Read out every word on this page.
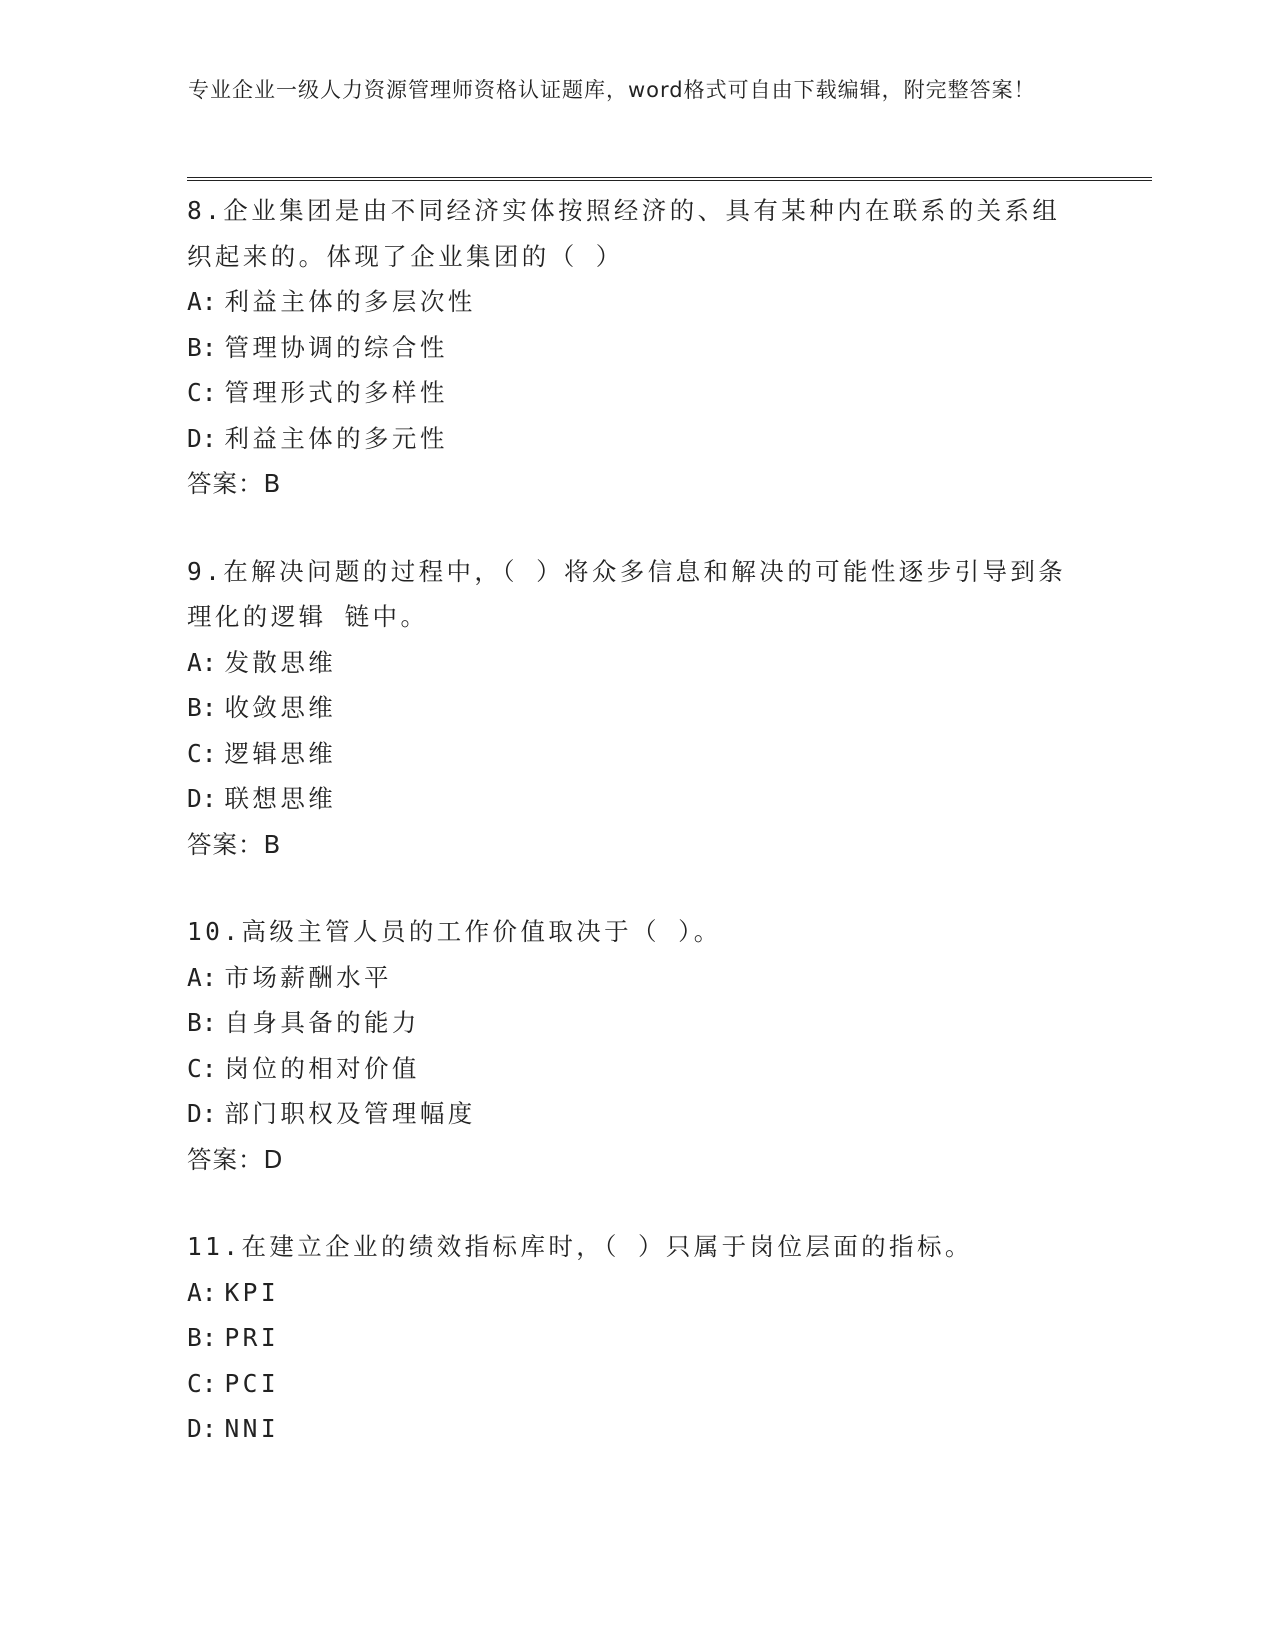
专业企业一级人力资源管理师资格认证题库，word格式可自由下载编辑，附完整答案！
8.企业集团是由不同经济实体按照经济的、具有某种内在联系的关系组织起来的。体现了企业集团的（ ）
A: 利益主体的多层次性
B: 管理协调的综合性
C: 管理形式的多样性
D: 利益主体的多元性
答案：B
9.在解决问题的过程中，（ ）将众多信息和解决的可能性逐步引导到条理化的逻辑 链中。
A: 发散思维
B: 收敛思维
C: 逻辑思维
D: 联想思维
答案：B
10.高级主管人员的工作价值取决于（ ）。
A: 市场薪酬水平
B: 自身具备的能力
C: 岗位的相对价值
D: 部门职权及管理幅度
答案：D
11.在建立企业的绩效指标库时，（ ）只属于岗位层面的指标。
A: KPI
B: PRI
C: PCI
D: NNI
